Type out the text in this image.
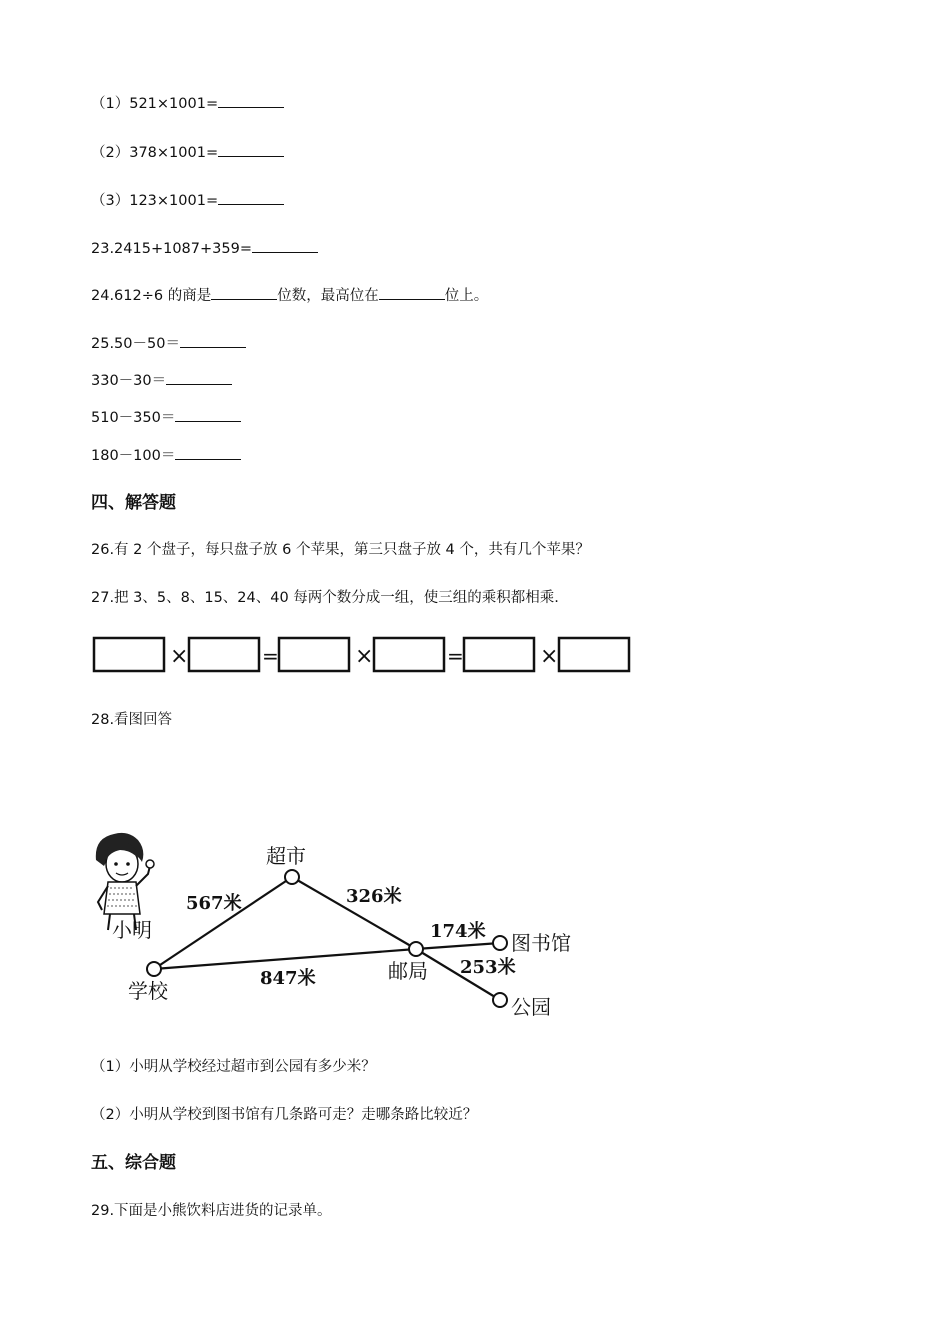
（1）521×1001=
（2）378×1001=
（3）123×1001=
23.2415+1087+359=
24.612÷6 的商是	位数，最高位在	位上。
25.50－50＝
330－30＝
510－350＝
180－100＝
四、解答题
26.有 2 个盘子，每只盘子放 6 个苹果，第三只盘子放 4 个，共有几个苹果？
27.把 3、5、8、15、24、40 每两个数分成一组，使三组的乘积都相乘.
×	=	×	=	×
28.看图回答
小明
超市
学校
邮局
图书馆
公园
567米	326米
847米
174米
253米
（1）小明从学校经过超市到公园有多少米？
（2）小明从学校到图书馆有几条路可走？走哪条路比较近？
五、综合题
29.下面是小熊饮料店进货的记录单。
